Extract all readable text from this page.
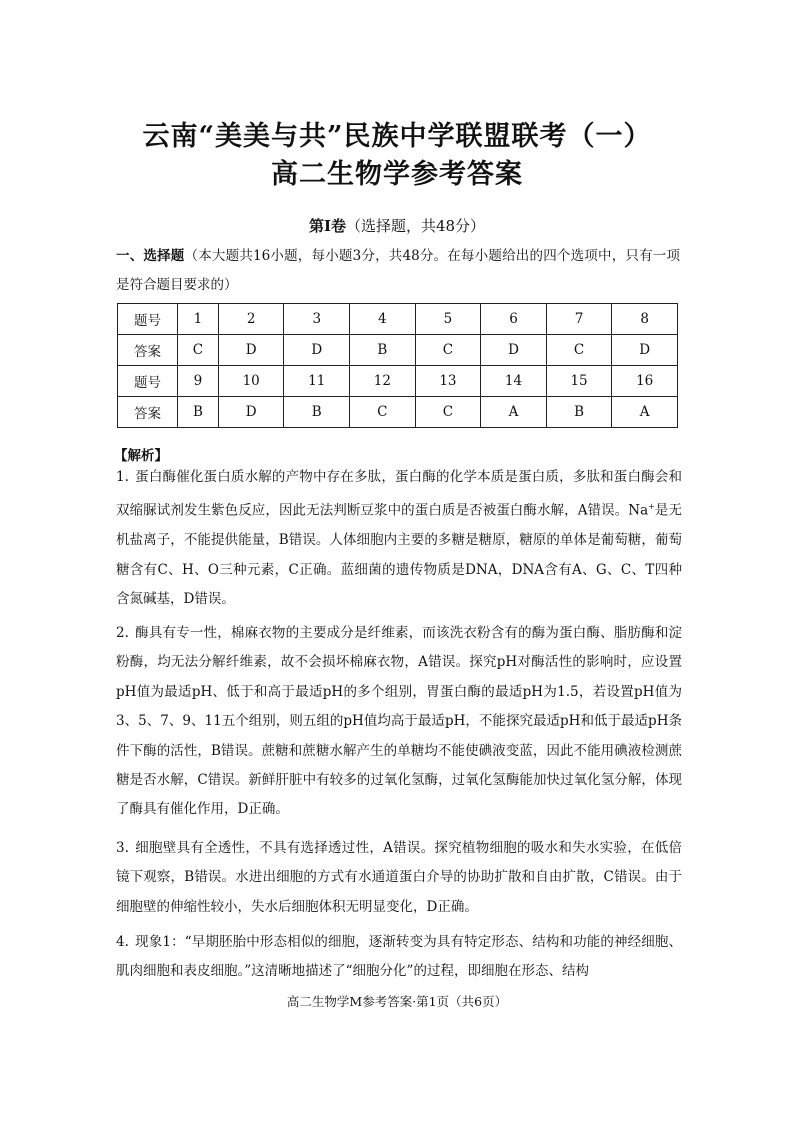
云南“美美与共”民族中学联盟联考（一）
高二生物学参考答案
第Ⅰ卷（选择题，共48分）
一、选择题（本大题共16小题，每小题3分，共48分。在每小题给出的四个选项中，只有一项是符合题目要求的）
题号	1	2	3	4	5	6	7	8
答案	C	D	D	B	C	D	C	D
题号	9	10	11	12	13	14	15	16
答案	B	D	B	C	C	A	B	A
【解析】

1. 蛋白酶催化蛋白质水解的产物中存在多肽，蛋白酶的化学本质是蛋白质，多肽和蛋白酶会和双缩脲试剂发生紫色反应，因此无法判断豆浆中的蛋白质是否被蛋白酶水解，A错误。Na+是无机盐离子，不能提供能量，B错误。人体细胞内主要的多糖是糖原，糖原的单体是葡萄糖，葡萄糖含有C、H、O三种元素，C正确。蓝细菌的遗传物质是DNA，DNA含有A、G、C、T四种含氮碱基，D错误。

2. 酶具有专一性，棉麻衣物的主要成分是纤维素，而该洗衣粉含有的酶为蛋白酶、脂肪酶和淀粉酶，均无法分解纤维素，故不会损坏棉麻衣物，A错误。探究pH对酶活性的影响时，应设置pH值为最适pH、低于和高于最适pH的多个组别，胃蛋白酶的最适pH为1.5，若设置pH值为3、5、7、9、11五个组别，则五组的pH值均高于最适pH，不能探究最适pH和低于最适pH条件下酶的活性，B错误。蔗糖和蔗糖水解产生的单糖均不能使碘液变蓝，因此不能用碘液检测蔗糖是否水解，C错误。新鲜肝脏中有较多的过氧化氢酶，过氧化氢酶能加快过氧化氢分解，体现了酶具有催化作用，D正确。

3. 细胞壁具有全透性，不具有选择透过性，A错误。探究植物细胞的吸水和失水实验，在低倍镜下观察，B错误。水进出细胞的方式有水通道蛋白介导的协助扩散和自由扩散，C错误。由于细胞壁的伸缩性较小，失水后细胞体积无明显变化，D正确。

4. 现象1：“早期胚胎中形态相似的细胞，逐渐转变为具有特定形态、结构和功能的神经细胞、肌肉细胞和表皮细胞。”这清晰地描述了“细胞分化”的过程，即细胞在形态、结构

高二生物学M参考答案·第1页（共6页）
